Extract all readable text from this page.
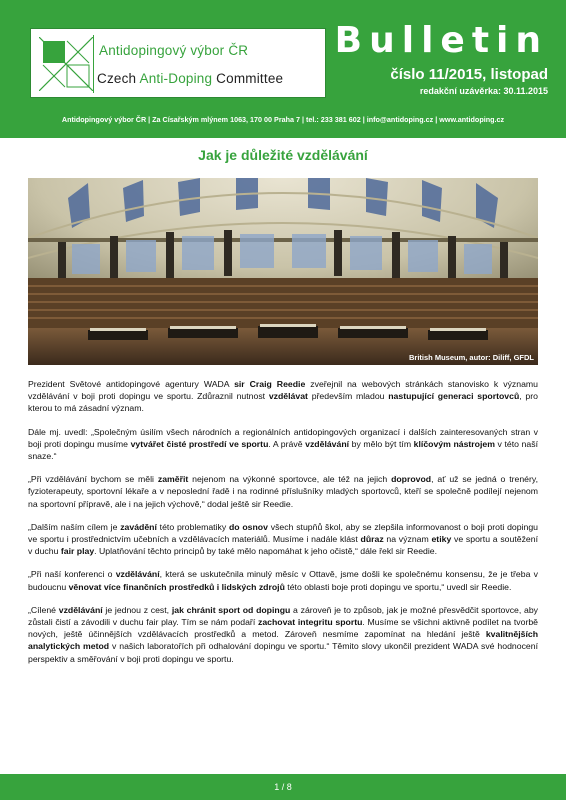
Antidopingový výbor ČR
Czech Anti-Doping Committee
Bulletin
číslo 11/2015, listopad
redakční uzávěrka: 30.11.2015
Antidopingový výbor ČR | Za Císařským mlýnem 1063, 170 00 Praha 7 | tel.: 233 381 602 | info@antidoping.cz | www.antidoping.cz
Jak je důležité vzdělávání
British Museum, autor: Diliff, GFDL

Prezident Světové antidopingové agentury WADA sir Craig Reedie zveřejnil na webových stránkách stanovisko k významu vzdělávání v boji proti dopingu ve sportu. Zdůraznil nutnost vzdělávat především mladou nastupující generaci sportovců, pro kterou to má zásadní význam.

Dále mj. uvedl: „Společným úsilím všech národních a regionálních antidopingových organizací i dalších zainteresovaných stran v boji proti dopingu musíme vytvářet čisté prostředí ve sportu. A právě vzdělávání by mělo být tím klíčovým nástrojem v této naší snaze.“

„Při vzdělávání bychom se měli zaměřit nejenom na výkonné sportovce, ale též na jejich doprovod, ať už se jedná o trenéry, fyzioterapeuty, sportovní lékaře a v neposlední řadě i na rodinné příslušníky mladých sportovců, kteří se společně podílejí nejenom na sportovní přípravě, ale i na jejich výchově,“ dodal ještě sir Reedie.

„Dalším naším cílem je zavádění této problematiky do osnov všech stupňů škol, aby se zlepšila informovanost o boji proti dopingu ve sportu i prostřednictvím učebních a vzdělávacích materiálů. Musíme i nadále klást důraz na význam etiky ve sportu a soutěžení v duchu fair play. Uplatňování těchto principů by také mělo napomáhat k jeho očistě,“ dále řekl sir Reedie.

„Při naší konferenci o vzdělávání, která se uskutečnila minulý měsíc v Ottavě, jsme došli ke společnému konsensu, že je třeba v budoucnu věnovat více finančních prostředků i lidských zdrojů této oblasti boje proti dopingu ve sportu,“ uvedl sir Reedie.

„Cílené vzdělávání je jednou z cest, jak chránit sport od dopingu a zároveň je to způsob, jak je možné přesvědčit sportovce, aby zůstali čistí a závodili v duchu fair play. Tím se nám podaří zachovat integritu sportu. Musíme se všichni aktivně podílet na tvorbě nových, ještě účinnějších vzdělávacích prostředků a metod. Zároveň nesmíme zapomínat na hledání ještě kvalitnějších analytických metod v našich laboratořích při odhalování dopingu ve sportu.“ Těmito slovy ukončil prezident WADA své hodnocení perspektiv a směřování v boji proti dopingu ve sportu.

1 / 8
